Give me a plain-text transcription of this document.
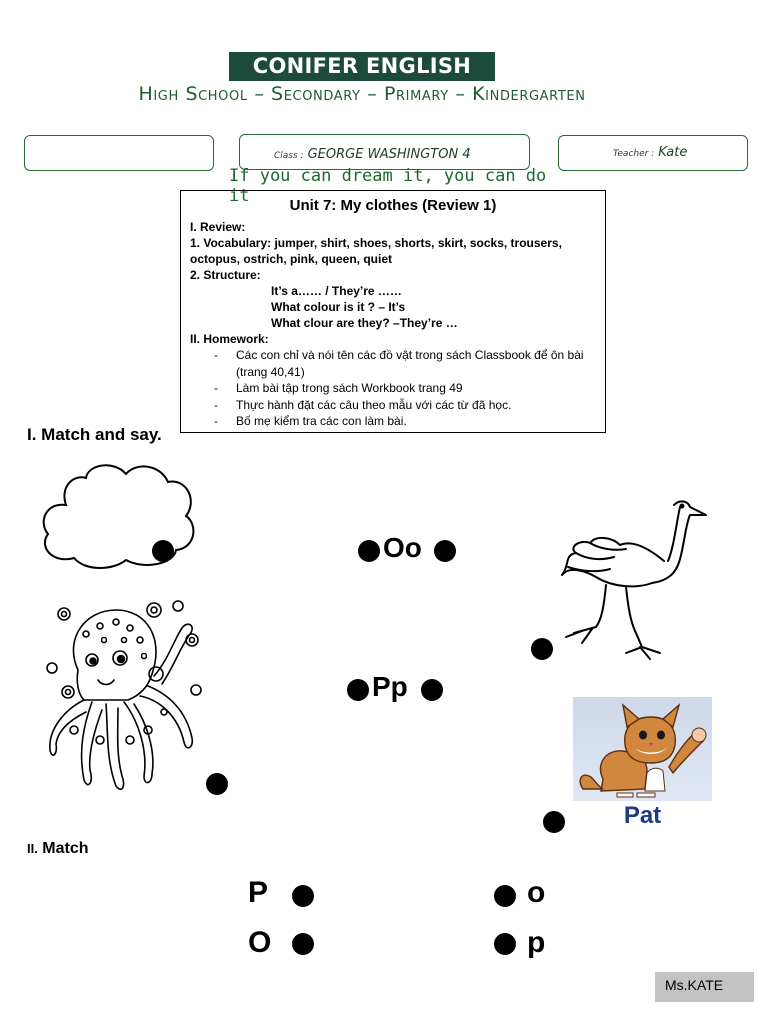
CONIFER ENGLISH
High School – Secondary – Primary – Kindergarten
Class : GEORGE WASHINGTON 4	Teacher : Kate
If you can dream it, you can do it	Unit 7: My clothes (Review 1)
I. Review:
1. Vocabulary: jumper, shirt, shoes, shorts, skirt, socks, trousers, octopus, ostrich, pink, queen, quiet
2. Structure:
It’s a…… / They’re ……
What colour is it ? – It’s
What clour are they? –They’re …
II. Homework:
- Các con chỉ và nói tên các đồ vật trong sách Classbook để ôn bài (trang 40,41)
- Làm bài tập trong sách Workbook trang 49
- Thực hành đặt các câu theo mẫu với các từ đã học.
- Bố mẹ kiểm tra các con làm bài.
I. Match and say.
Oo
Pp
Pat
II. Match
P
O
o
p
Ms.KATE
